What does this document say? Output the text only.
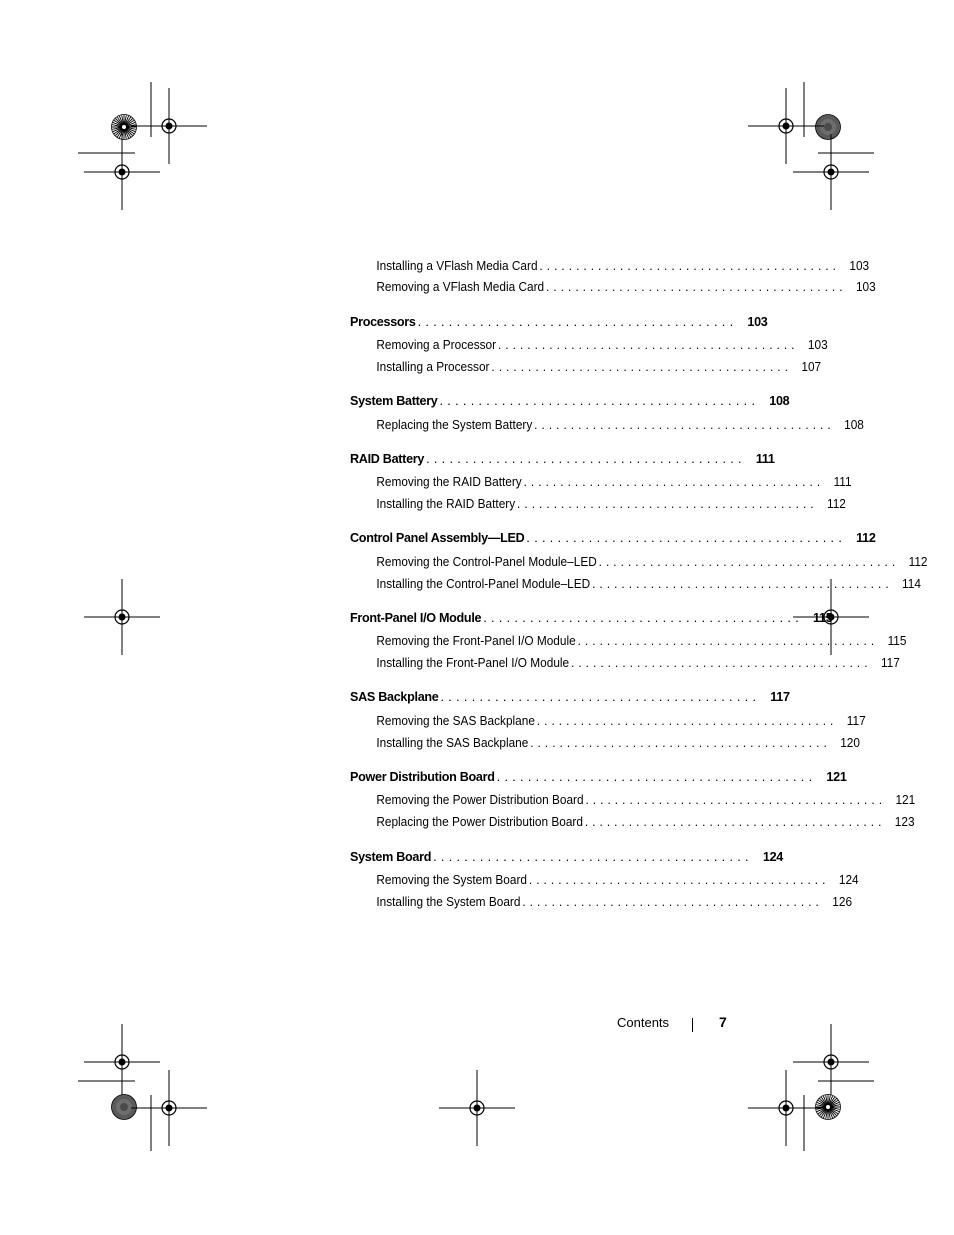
Installing a VFlash Media Card ......................................... 103
Removing a VFlash Media Card ......................................... 103
Processors ......................................... 103
Removing a Processor ......................................... 103
Installing a Processor ......................................... 107
System Battery ......................................... 108
Replacing the System Battery ......................................... 108
RAID Battery ......................................... 111
Removing the RAID Battery ......................................... 111
Installing the RAID Battery ......................................... 112
Control Panel Assembly—LED ......................................... 112
Removing the Control-Panel Module–LED ......................................... 112
Installing the Control-Panel Module–LED ......................................... 114
Front-Panel I/O Module ......................................... 115
Removing the Front-Panel I/O Module ......................................... 115
Installing the Front-Panel I/O Module ......................................... 117
SAS Backplane ......................................... 117
Removing the SAS Backplane ......................................... 117
Installing the SAS Backplane ......................................... 120
Power Distribution Board ......................................... 121
Removing the Power Distribution Board ......................................... 121
Replacing the Power Distribution Board ......................................... 123
System Board ......................................... 124
Removing the System Board ......................................... 124
Installing the System Board ......................................... 126
Contents	7
